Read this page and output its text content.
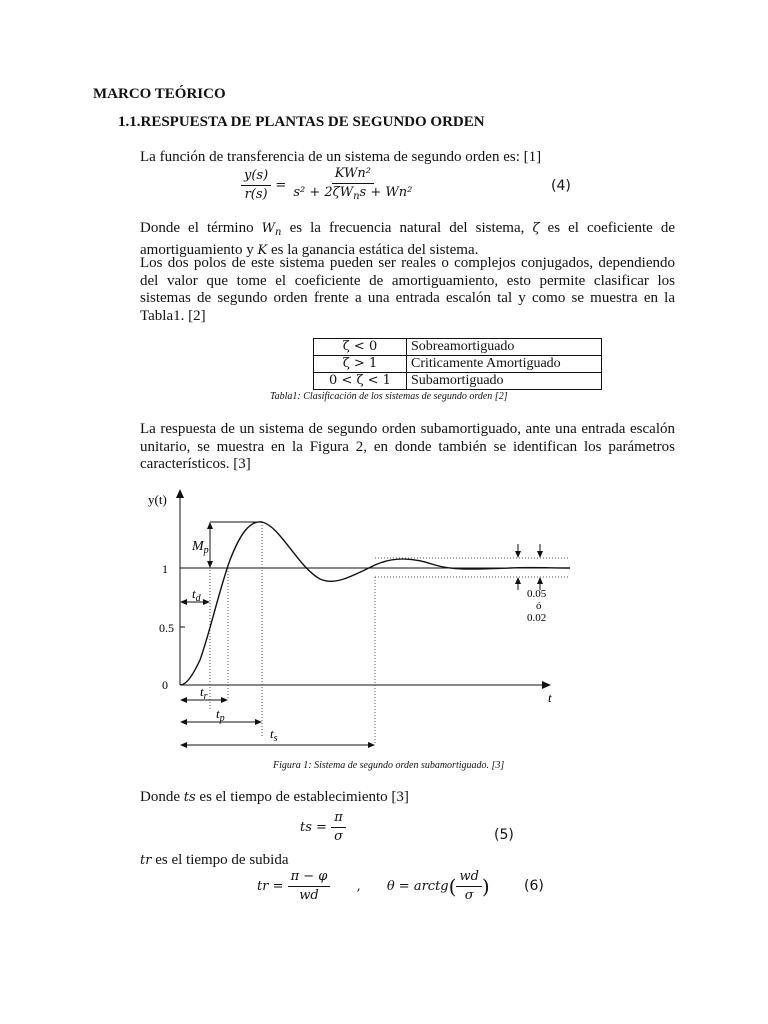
MARCO TEÓRICO
1.1.RESPUESTA DE PLANTAS DE SEGUNDO ORDEN
La función de transferencia de un sistema de segundo orden es: [1]
$\frac{y(s)}{r(s)} = \frac{\text{KWn²}}{s^2 + 2\zeta W_ns + Wn^2}$	(4)
Donde el término $W_n$ es la frecuencia natural del sistema, ζ es el coeficiente de amortiguamiento y K es la ganancia estática del sistema.
Los dos polos de este sistema pueden ser reales o complejos conjugados, dependiendo del valor que tome el coeficiente de amortiguamiento, esto permite clasificar los sistemas de segundo orden frente a una entrada escalón tal y como se muestra en la Tabla1. [2]
ζ < 0	Sobreamortiguado
ζ > 1	Criticamente Amortiguado
0 < ζ < 1	Subamortiguado
Tabla1: Clasificación de los sistemas de segundo orden [2]
La respuesta de un sistema de segundo orden subamortiguado, ante una entrada escalón unitario, se muestra en la Figura 2, en donde también se identifican los parámetros característicos. [3]
y(t)
t
1
0.5
0
$M_p$
$t_d$
$t_r$
$t_p$
$t_s$
0.05
ó
0.02
Figura 1: Sistema de segundo orden subamortiguado. [3]
Donde ts es el tiempo de establecimiento [3]
ts = $\frac{\pi}{\sigma}$	(5)
tr es el tiempo de subida
tr = $\frac{\pi - \varphi}{wd}$ , θ = arctg( $\frac{wd}{\sigma}$ ) (6)
